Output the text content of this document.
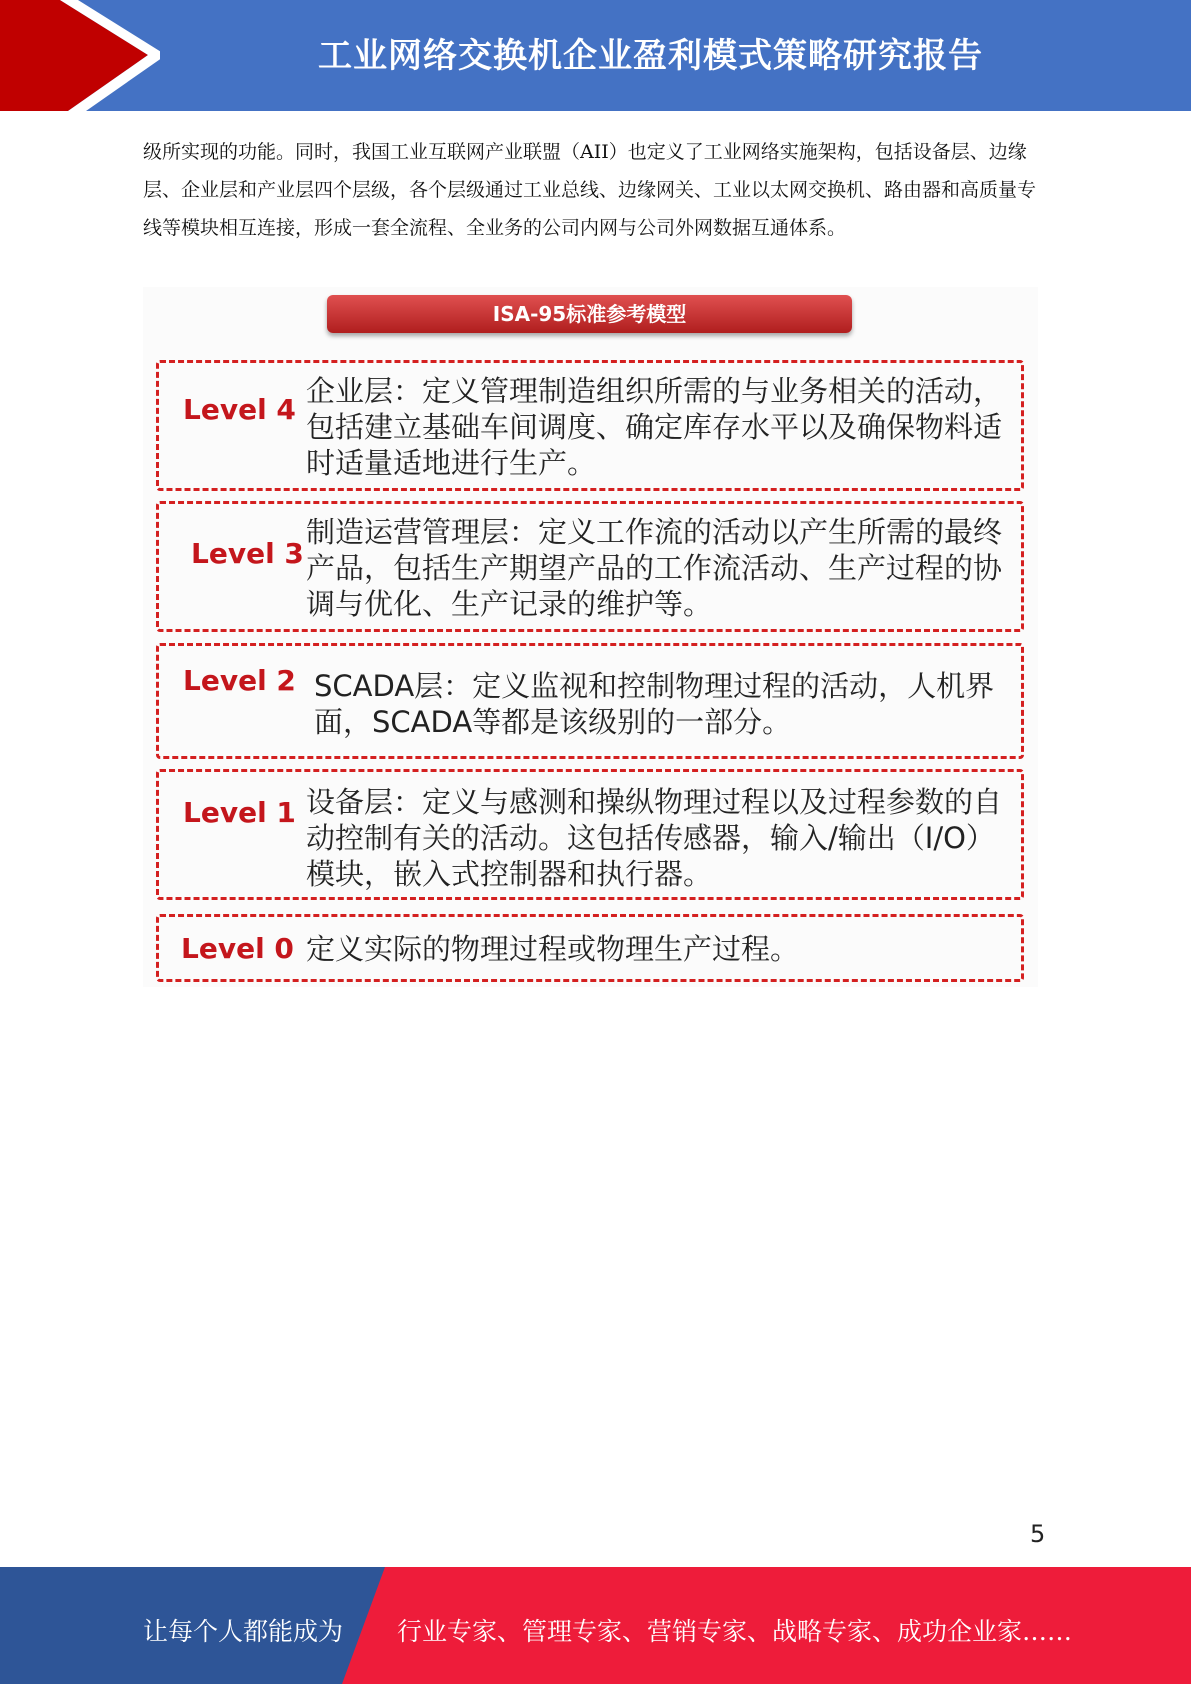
工业网络交换机企业盈利模式策略研究报告

级所实现的功能。同时，我国工业互联网产业联盟（AII）也定义了工业网络实施架构，包括设备层、边缘层、企业层和产业层四个层级，各个层级通过工业总线、边缘网关、工业以太网交换机、路由器和高质量专线等模块相互连接，形成一套全流程、全业务的公司内网与公司外网数据互通体系。

ISA-95标准参考模型
Level 4

企业层：定义管理制造组织所需的与业务相关的活动，包括建立基础车间调度、确定库存水平以及确保物料适时适量适地进行生产。

Level 3

制造运营管理层：定义工作流的活动以产生所需的最终产品，包括生产期望产品的工作流活动、生产过程的协调与优化、生产记录的维护等。

Level 2 SCADA层：定义监视和控制物理过程的活动，人机界面，SCADA等都是该级别的一部分。

Level 1 设备层：定义与感测和操纵物理过程以及过程参数的自动控制有关的活动。这包括传感器，输入/输出（I/O）模块，嵌入式控制器和执行器。

Level 0 定义实际的物理过程或物理生产过程。

5
让每个人都能成为 行业专家、管理专家、营销专家、战略专家、成功企业家……
